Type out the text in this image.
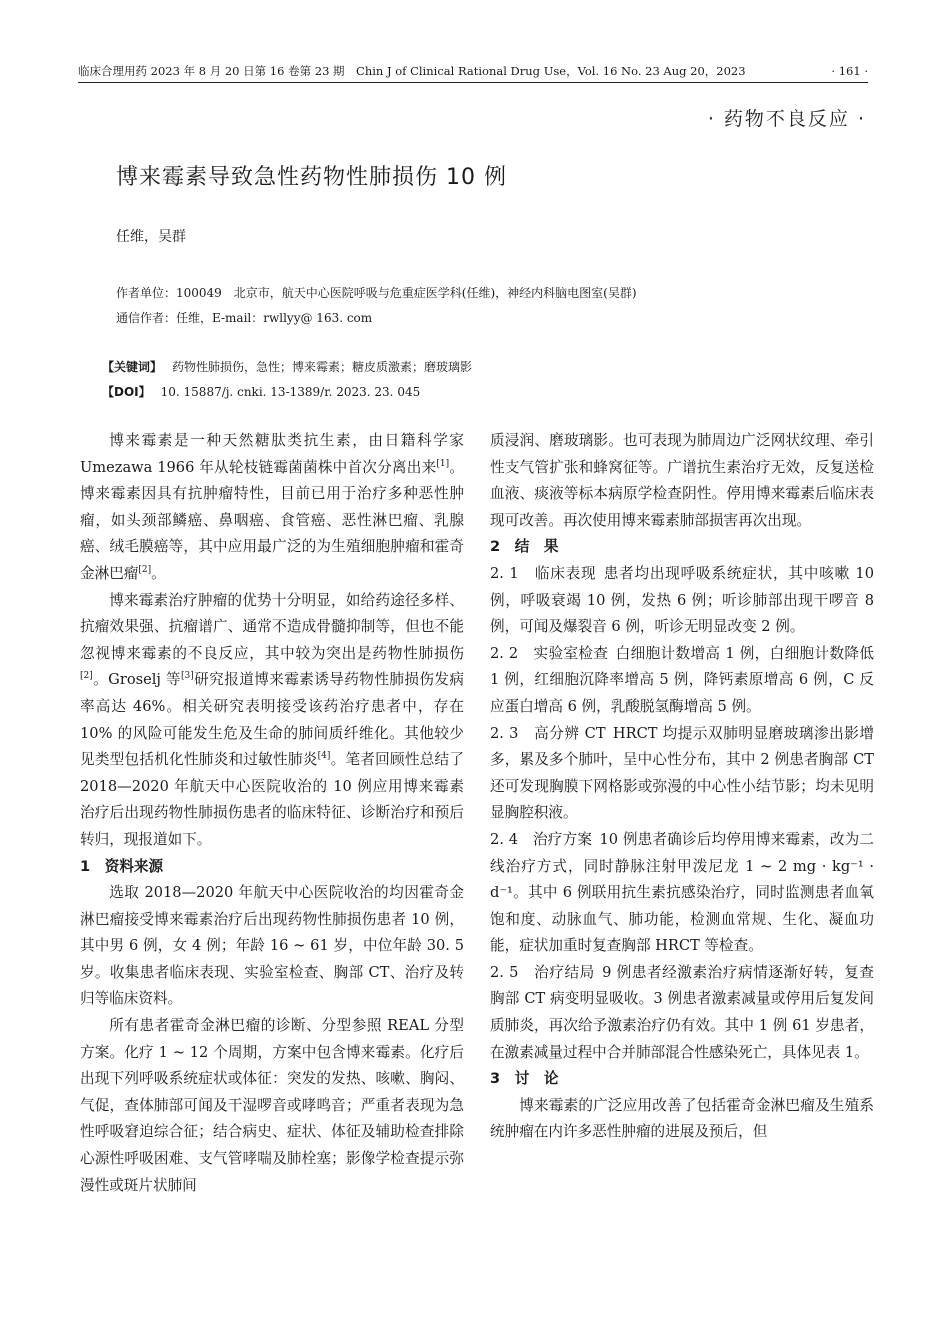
临床合理用药 2023 年 8 月 20 日第 16 卷第 23 期　Chin J of Clinical Rational Drug Use，Vol. 16 No. 23 Aug 20，2023	· 161 ·
· 药物不良反应 ·
博来霉素导致急性药物性肺损伤 10 例
任维，吴群
作者单位：100049　北京市，航天中心医院呼吸与危重症医学科(任维)，神经内科脑电图室(吴群)
通信作者：任维，E-mail：rwllyy@ 163. com
【关键词】 药物性肺损伤，急性；博来霉素；糖皮质激素；磨玻璃影
【DOI】 10. 15887/j. cnki. 13-1389/r. 2023. 23. 045

博来霉素是一种天然糖肽类抗生素，由日籍科学家 Umezawa 1966 年从轮枝链霉菌菌株中首次分离出来[1]。博来霉素因具有抗肿瘤特性，目前已用于治疗多种恶性肿瘤，如头颈部鳞癌、鼻咽癌、食管癌、恶性淋巴瘤、乳腺癌、绒毛膜癌等，其中应用最广泛的为生殖细胞肿瘤和霍奇金淋巴瘤[2]。

博来霉素治疗肿瘤的优势十分明显，如给药途径多样、抗瘤效果强、抗瘤谱广、通常不造成骨髓抑制等，但也不能忽视博来霉素的不良反应，其中较为突出是药物性肺损伤[2]。Groselj 等[3]研究报道博来霉素诱导药物性肺损伤发病率高达 46%。相关研究表明接受该药治疗患者中，存在 10% 的风险可能发生危及生命的肺间质纤维化。其他较少见类型包括机化性肺炎和过敏性肺炎[4]。笔者回顾性总结了 2018—2020 年航天中心医院收治的 10 例应用博来霉素治疗后出现药物性肺损伤患者的临床特征、诊断治疗和预后转归，现报道如下。

1　资料来源

选取 2018—2020 年航天中心医院收治的均因霍奇金淋巴瘤接受博来霉素治疗后出现药物性肺损伤患者 10 例，其中男 6 例，女 4 例；年龄 16 ~ 61 岁，中位年龄 30. 5 岁。收集患者临床表现、实验室检查、胸部 CT、治疗及转归等临床资料。

所有患者霍奇金淋巴瘤的诊断、分型参照 REAL 分型方案。化疗 1 ~ 12 个周期，方案中包含博来霉素。化疗后出现下列呼吸系统症状或体征：突发的发热、咳嗽、胸闷、气促，查体肺部可闻及干湿啰音或哮鸣音；严重者表现为急性呼吸窘迫综合征；结合病史、症状、体征及辅助检查排除心源性呼吸困难、支气管哮喘及肺栓塞；影像学检查提示弥漫性或斑片状肺间

质浸润、磨玻璃影。也可表现为肺周边广泛网状纹理、牵引性支气管扩张和蜂窝征等。广谱抗生素治疗无效，反复送检血液、痰液等标本病原学检查阴性。停用博来霉素后临床表现可改善。再次使用博来霉素肺部损害再次出现。

2　结　果

2. 1　临床表现 患者均出现呼吸系统症状，其中咳嗽 10 例，呼吸衰竭 10 例，发热 6 例；听诊肺部出现干啰音 8 例，可闻及爆裂音 6 例，听诊无明显改变 2 例。

2. 2　实验室检查 白细胞计数增高 1 例，白细胞计数降低 1 例，红细胞沉降率增高 5 例，降钙素原增高 6 例，C 反应蛋白增高 6 例，乳酸脱氢酶增高 5 例。

2. 3　高分辨 CT HRCT 均提示双肺明显磨玻璃渗出影增多，累及多个肺叶，呈中心性分布，其中 2 例患者胸部 CT 还可发现胸膜下网格影或弥漫的中心性小结节影；均未见明显胸腔积液。

2. 4　治疗方案 10 例患者确诊后均停用博来霉素，改为二线治疗方式，同时静脉注射甲泼尼龙 1 ~ 2 mg · kg⁻¹ · d⁻¹。其中 6 例联用抗生素抗感染治疗，同时监测患者血氧饱和度、动脉血气、肺功能，检测血常规、生化、凝血功能，症状加重时复查胸部 HRCT 等检查。

2. 5　治疗结局 9 例患者经激素治疗病情逐渐好转，复查胸部 CT 病变明显吸收。3 例患者激素减量或停用后复发间质肺炎，再次给予激素治疗仍有效。其中 1 例 61 岁患者，在激素减量过程中合并肺部混合性感染死亡，具体见表 1。

3　讨　论

博来霉素的广泛应用改善了包括霍奇金淋巴瘤及生殖系统肿瘤在内许多恶性肿瘤的进展及预后，但
